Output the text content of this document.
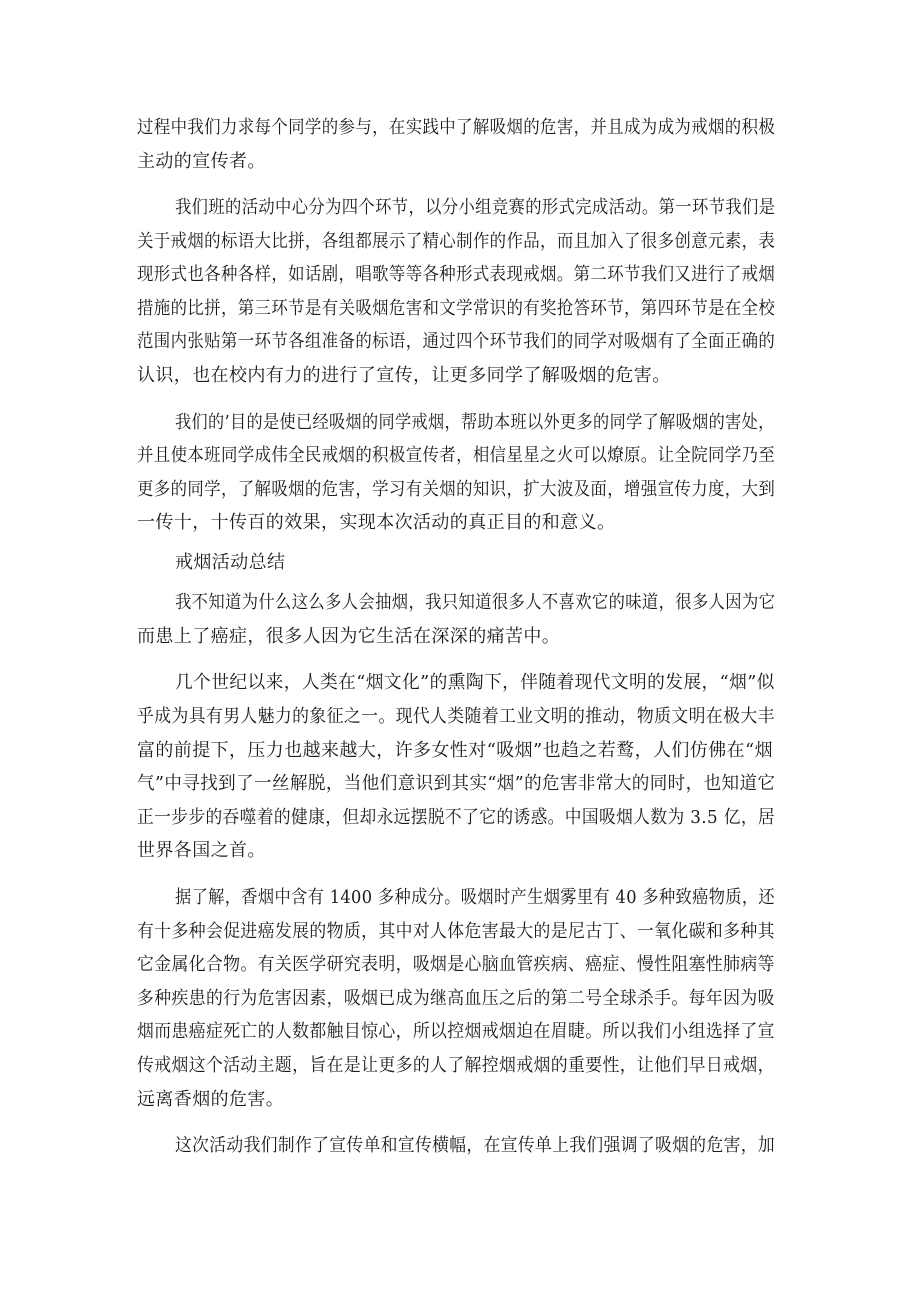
过程中我们力求每个同学的参与，在实践中了解吸烟的危害，并且成为成为戒烟的积极
主动的宣传者。
我们班的活动中心分为四个环节，以分小组竞赛的形式完成活动。第一环节我们是
关于戒烟的标语大比拼，各组都展示了精心制作的作品，而且加入了很多创意元素，表
现形式也各种各样，如话剧，唱歌等等各种形式表现戒烟。第二环节我们又进行了戒烟
措施的比拼，第三环节是有关吸烟危害和文学常识的有奖抢答环节，第四环节是在全校
范围内张贴第一环节各组准备的标语，通过四个环节我们的同学对吸烟有了全面正确的
认识，也在校内有力的进行了宣传，让更多同学了解吸烟的危害。
我们的’目的是使已经吸烟的同学戒烟，帮助本班以外更多的同学了解吸烟的害处，
并且使本班同学成伟全民戒烟的积极宣传者，相信星星之火可以燎原。让全院同学乃至
更多的同学，了解吸烟的危害，学习有关烟的知识，扩大波及面，增强宣传力度，大到
一传十，十传百的效果，实现本次活动的真正目的和意义。
戒烟活动总结
我不知道为什么这么多人会抽烟，我只知道很多人不喜欢它的味道，很多人因为它
而患上了癌症，很多人因为它生活在深深的痛苦中。
几个世纪以来，人类在“烟文化”的熏陶下，伴随着现代文明的发展，“烟”似
乎成为具有男人魅力的象征之一。现代人类随着工业文明的推动，物质文明在极大丰
富的前提下，压力也越来越大，许多女性对“吸烟”也趋之若鹜，人们仿佛在“烟
气”中寻找到了一丝解脱，当他们意识到其实“烟”的危害非常大的同时，也知道它
正一步步的吞噬着的健康，但却永远摆脱不了它的诱惑。中国吸烟人数为 3.5 亿，居
世界各国之首。
据了解，香烟中含有 1400 多种成分。吸烟时产生烟雾里有 40 多种致癌物质，还
有十多种会促进癌发展的物质，其中对人体危害最大的是尼古丁、一氧化碳和多种其
它金属化合物。有关医学研究表明，吸烟是心脑血管疾病、癌症、慢性阻塞性肺病等
多种疾患的行为危害因素，吸烟已成为继高血压之后的第二号全球杀手。每年因为吸
烟而患癌症死亡的人数都触目惊心，所以控烟戒烟迫在眉睫。所以我们小组选择了宣
传戒烟这个活动主题，旨在是让更多的人了解控烟戒烟的重要性，让他们早日戒烟，
远离香烟的危害。
这次活动我们制作了宣传单和宣传横幅，在宣传单上我们强调了吸烟的危害，加
